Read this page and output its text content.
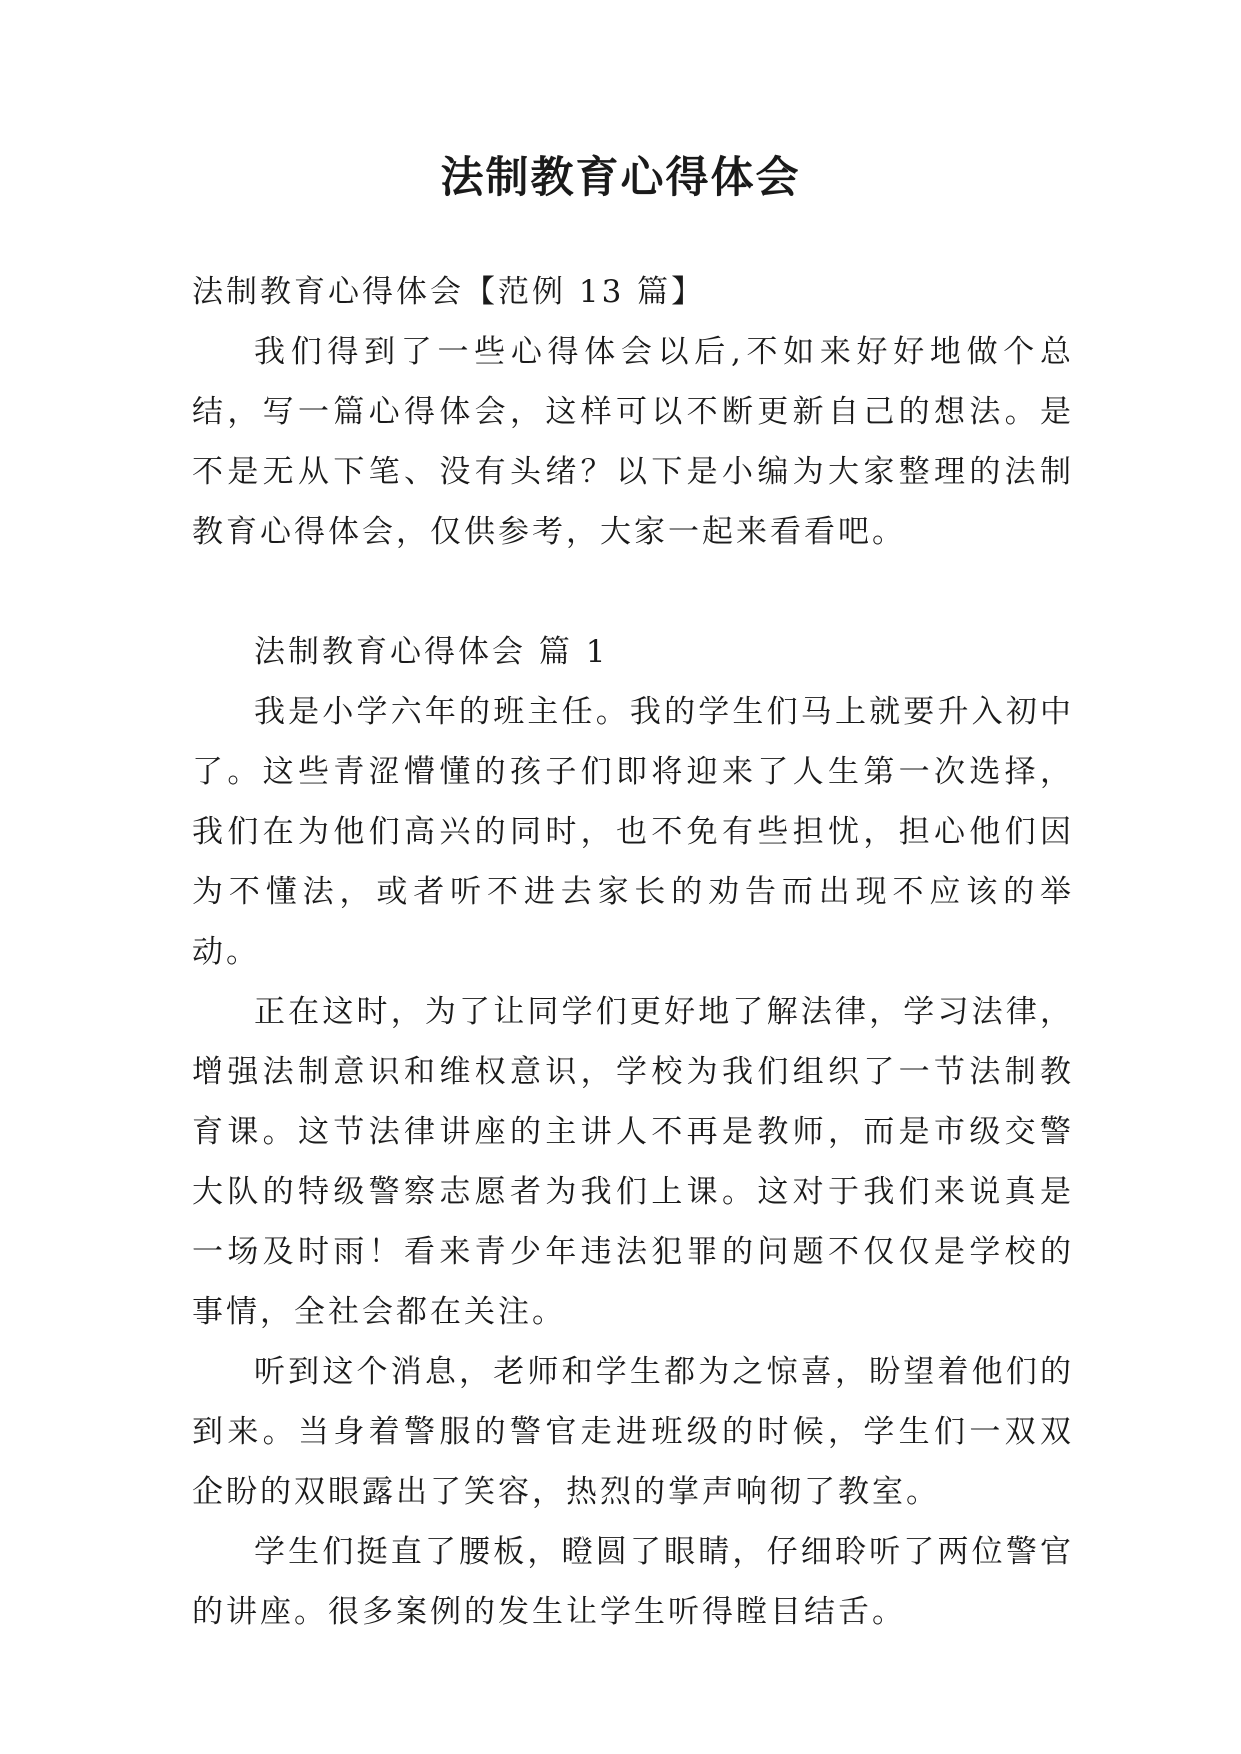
法制教育心得体会

法制教育心得体会【范例 13 篇】

我们得到了一些心得体会以后,不如来好好地做个总结，写一篇心得体会，这样可以不断更新自己的想法。是不是无从下笔、没有头绪？以下是小编为大家整理的法制教育心得体会，仅供参考，大家一起来看看吧。

法制教育心得体会 篇 1

我是小学六年的班主任。我的学生们马上就要升入初中了。这些青涩懵懂的孩子们即将迎来了人生第一次选择，我们在为他们高兴的同时，也不免有些担忧，担心他们因为不懂法，或者听不进去家长的劝告而出现不应该的举动。

正在这时，为了让同学们更好地了解法律，学习法律，增强法制意识和维权意识，学校为我们组织了一节法制教育课。这节法律讲座的主讲人不再是教师，而是市级交警大队的特级警察志愿者为我们上课。这对于我们来说真是一场及时雨！看来青少年违法犯罪的问题不仅仅是学校的事情，全社会都在关注。

听到这个消息，老师和学生都为之惊喜，盼望着他们的到来。当身着警服的警官走进班级的时候，学生们一双双企盼的双眼露出了笑容，热烈的掌声响彻了教室。

学生们挺直了腰板，瞪圆了眼睛，仔细聆听了两位警官的讲座。很多案例的发生让学生听得瞠目结舌。
